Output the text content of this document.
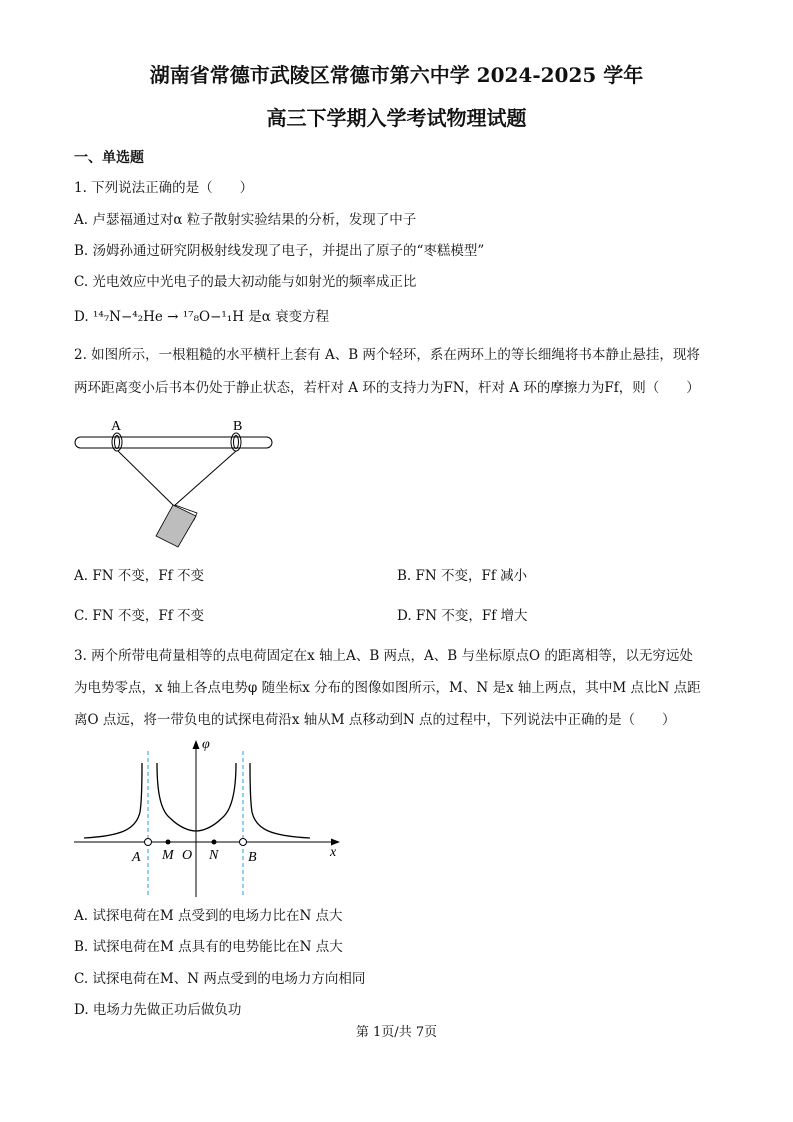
湖南省常德市武陵区常德市第六中学 2024-2025 学年
高三下学期入学考试物理试题
一、单选题
1. 下列说法正确的是（　　）
A. 卢瑟福通过对α 粒子散射实验结果的分析，发现了中子
B. 汤姆孙通过研究阴极射线发现了电子，并提出了原子的“枣糕模型”
C. 光电效应中光电子的最大初动能与如射光的频率成正比
D. ¹⁴₇N−⁴₂He → ¹⁷₈O−¹₁H 是α 衰变方程
2. 如图所示，一根粗糙的水平横杆上套有 A、B 两个轻环，系在两环上的等长细绳将书本静止悬挂，现将
两环距离变小后书本仍处于静止状态，若杆对 A 环的支持力为FN，杆对 A 环的摩擦力为Ff，则（　　）
A	B
A M O N B	x
φ
A. FN 不变，Ff 不变	B. FN 不变，Ff 减小
C. FN 不变，Ff 不变	D. FN 不变，Ff 增大
3. 两个所带电荷量相等的点电荷固定在x 轴上A、B 两点，A、B 与坐标原点O 的距离相等，以无穷远处
为电势零点，x 轴上各点电势φ 随坐标x 分布的图像如图所示，M、N 是x 轴上两点，其中M 点比N 点距
离O 点远，将一带负电的试探电荷沿x 轴从M 点移动到N 点的过程中，下列说法中正确的是（　　）
A. 试探电荷在M 点受到的电场力比在N 点大
B. 试探电荷在M 点具有的电势能比在N 点大
C. 试探电荷在M、N 两点受到的电场力方向相同
D. 电场力先做正功后做负功
第 1页/共 7页
